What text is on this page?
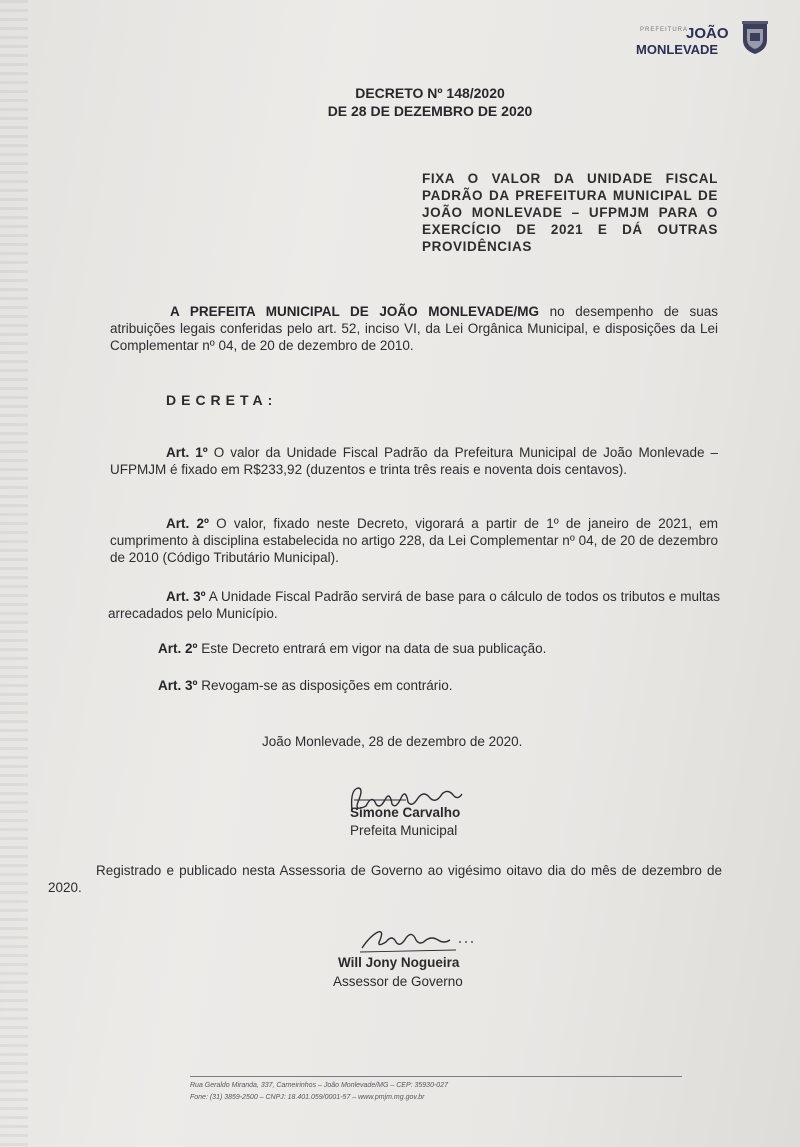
PREFEITURA
JOÃO
MONLEVADE
DECRETO Nº 148/2020
DE 28 DE DEZEMBRO DE 2020
FIXA O VALOR DA UNIDADE FISCAL PADRÃO DA PREFEITURA MUNICIPAL DE JOÃO MONLEVADE – UFPMJM PARA O EXERCÍCIO DE 2021 E DÁ OUTRAS PROVIDÊNCIAS
A PREFEITA MUNICIPAL DE JOÃO MONLEVADE/MG no desempenho de suas atribuições legais conferidas pelo art. 52, inciso VI, da Lei Orgânica Municipal, e disposições da Lei Complementar nº 04, de 20 de dezembro de 2010.
DECRETA:
Art. 1º O valor da Unidade Fiscal Padrão da Prefeitura Municipal de João Monlevade – UFPMJM é fixado em R$233,92 (duzentos e trinta três reais e noventa dois centavos).
Art. 2º O valor, fixado neste Decreto, vigorará a partir de 1º de janeiro de 2021, em cumprimento à disciplina estabelecida no artigo 228, da Lei Complementar nº 04, de 20 de dezembro de 2010 (Código Tributário Municipal).
Art. 3º A Unidade Fiscal Padrão servirá de base para o cálculo de todos os tributos e multas arrecadados pelo Município.
Art. 2º Este Decreto entrará em vigor na data de sua publicação.
Art. 3º Revogam-se as disposições em contrário.
João Monlevade, 28 de dezembro de 2020.
Simone Carvalho
Prefeita Municipal
Registrado e publicado nesta Assessoria de Governo ao vigésimo oitavo dia do mês de dezembro de 2020.
Will Jony Nogueira
Assessor de Governo
Rua Geraldo Miranda, 337, Carneirinhos – João Monlevade/MG – CEP: 35930-027
Fone: (31) 3859-2500 – CNPJ: 18.401.059/0001-57 – www.pmjm.mg.gov.br
